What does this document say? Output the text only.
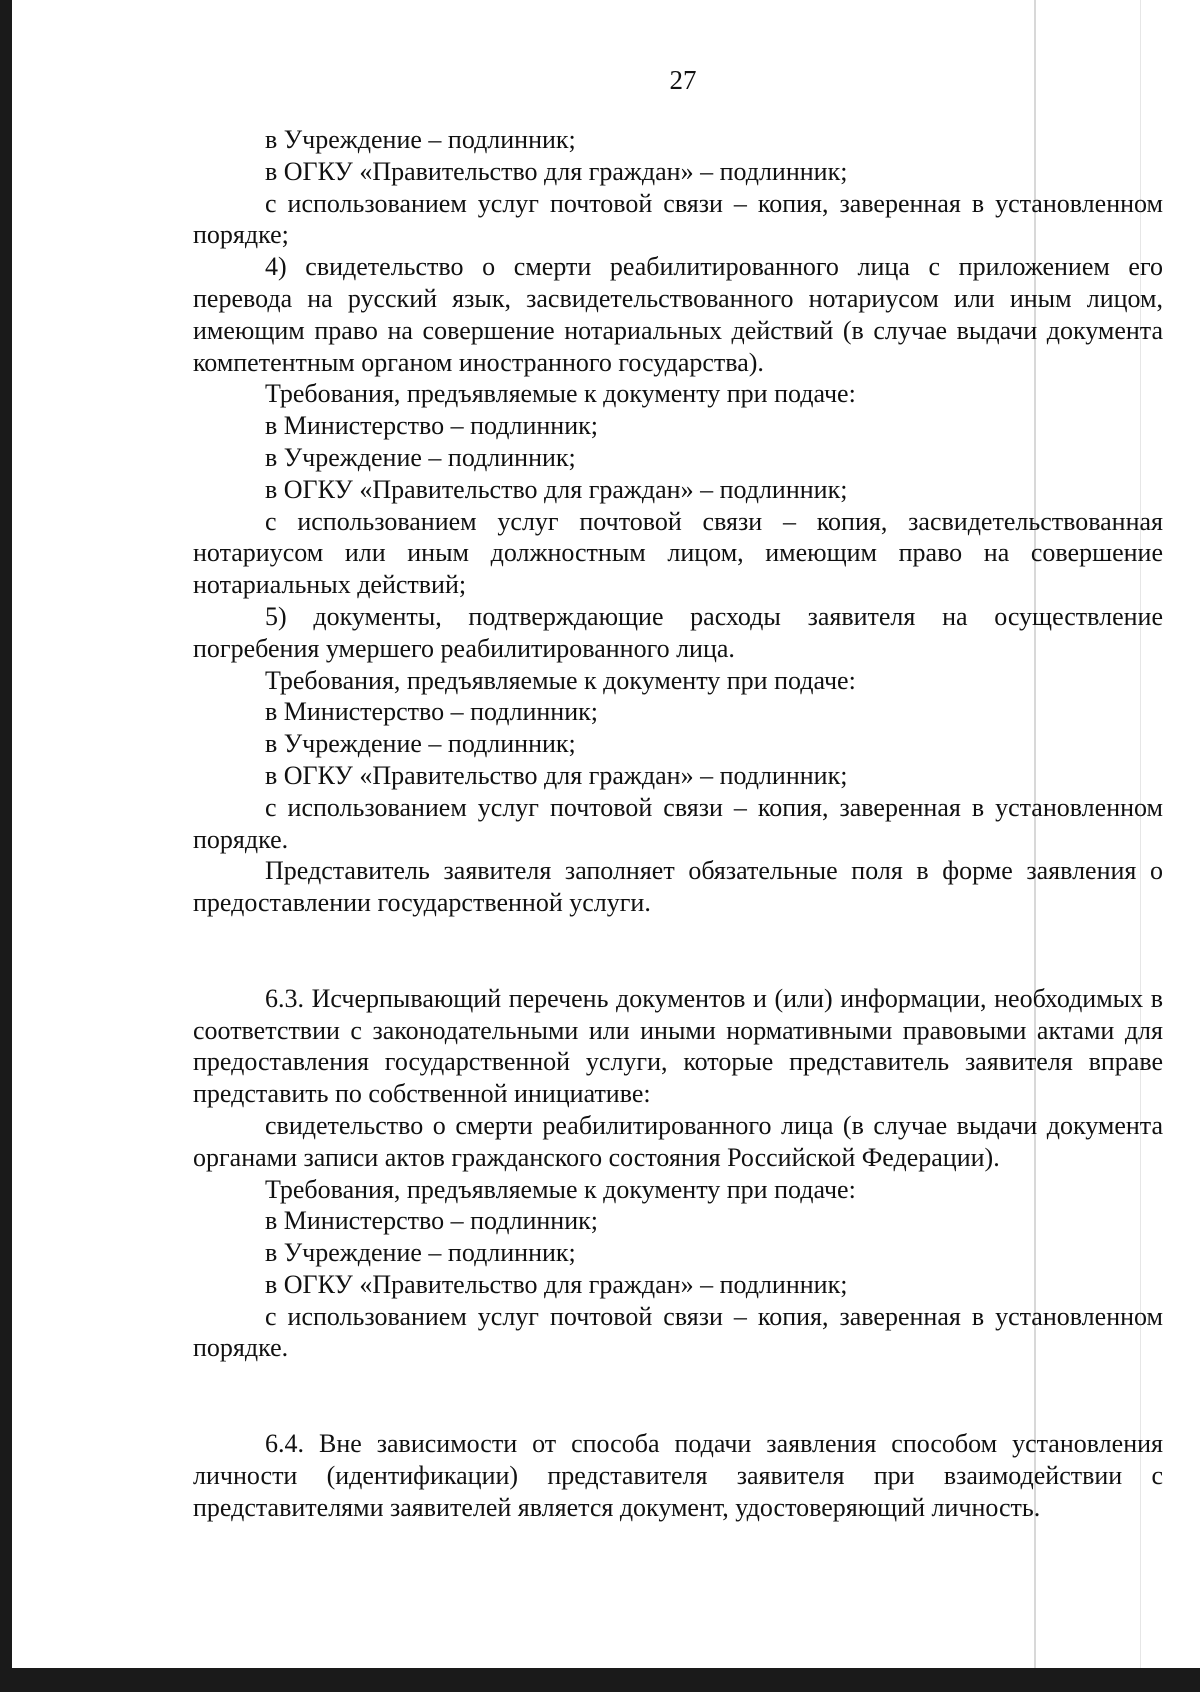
27

в Учреждение – подлинник;

в ОГКУ «Правительство для граждан» – подлинник;

с использованием услуг почтовой связи – копия, заверенная в установленном порядке;

4) свидетельство о смерти реабилитированного лица с приложением его перевода на русский язык, засвидетельствованного нотариусом или иным лицом, имеющим право на совершение нотариальных действий (в случае выдачи документа компетентным органом иностранного государства).

Требования, предъявляемые к документу при подаче:

в Министерство – подлинник;

в Учреждение – подлинник;

в ОГКУ «Правительство для граждан» – подлинник;

с использованием услуг почтовой связи – копия, засвидетельствованная нотариусом или иным должностным лицом, имеющим право на совершение нотариальных действий;

5) документы, подтверждающие расходы заявителя на осуществление погребения умершего реабилитированного лица.

Требования, предъявляемые к документу при подаче:

в Министерство – подлинник;

в Учреждение – подлинник;

в ОГКУ «Правительство для граждан» – подлинник;

с использованием услуг почтовой связи – копия, заверенная в установленном порядке.

Представитель заявителя заполняет обязательные поля в форме заявления о предоставлении государственной услуги.

6.3. Исчерпывающий перечень документов и (или) информации, необходимых в соответствии с законодательными или иными нормативными правовыми актами для предоставления государственной услуги, которые представитель заявителя вправе представить по собственной инициативе:

свидетельство о смерти реабилитированного лица (в случае выдачи документа органами записи актов гражданского состояния Российской Федерации).

Требования, предъявляемые к документу при подаче:

в Министерство – подлинник;

в Учреждение – подлинник;

в ОГКУ «Правительство для граждан» – подлинник;

с использованием услуг почтовой связи – копия, заверенная в установленном порядке.

6.4. Вне зависимости от способа подачи заявления способом установления личности (идентификации) представителя заявителя при взаимодействии с представителями заявителей является документ, удостоверяющий личность.
